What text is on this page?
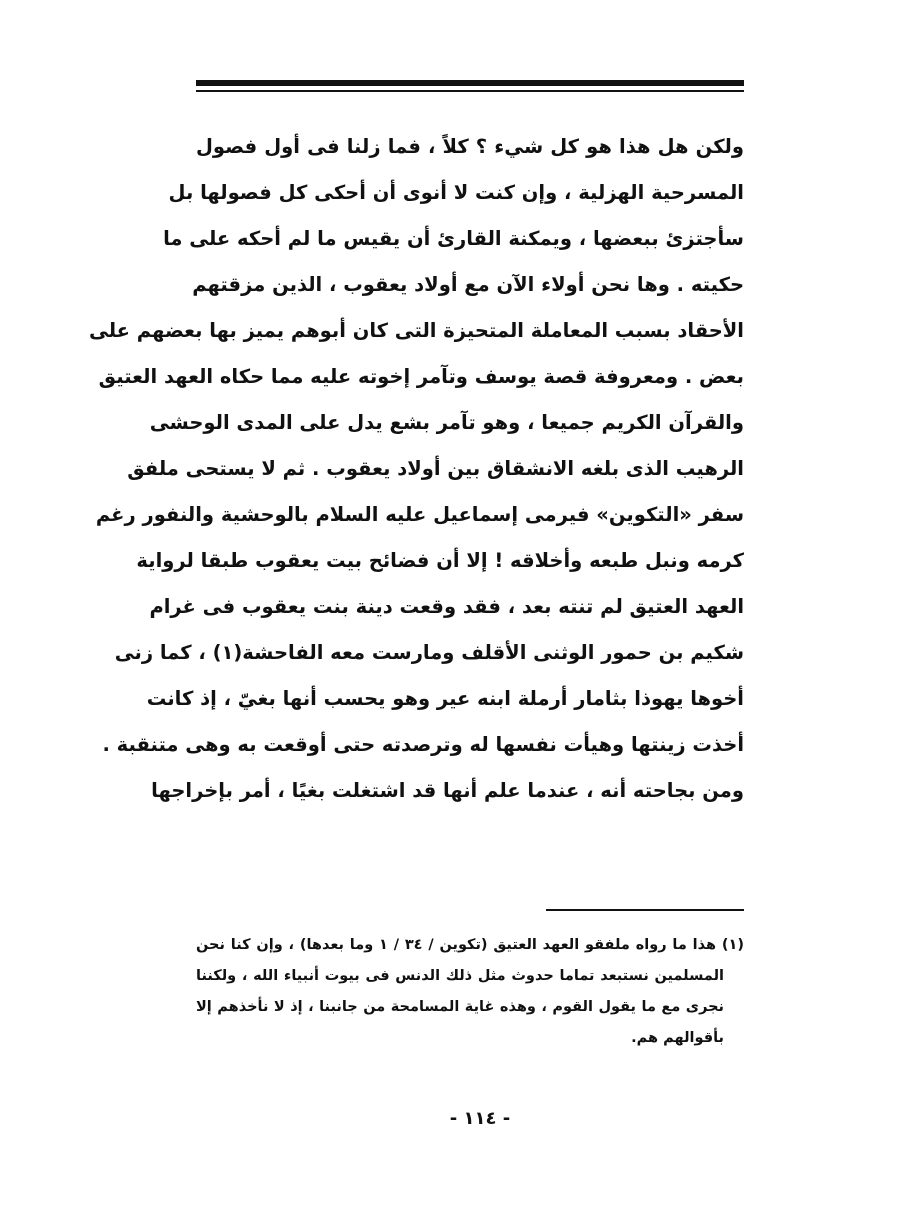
ولكن هل هذا هو كل شيء ؟ كلاً ، فما زلنا فى أول فصول
المسرحية الهزلية ، وإن كنت لا أنوى أن أحكى كل فصولها بل
سأجتزئ ببعضها ، ويمكنة القارئ أن يقيس ما لم أحكه على ما
حكيته . وها نحن أولاء الآن مع أولاد يعقوب ، الذين مزقتهم
الأحقاد بسبب المعاملة المتحيزة التى كان أبوهم يميز بها بعضهم على
بعض . ومعروفة قصة يوسف وتآمر إخوته عليه مما حكاه العهد العتيق
والقرآن الكريم جميعا ، وهو تآمر بشع يدل على المدى الوحشى
الرهيب الذى بلغه الانشقاق بين أولاد يعقوب . ثم لا يستحى ملفق
سفر «التكوين» فيرمى إسماعيل عليه السلام بالوحشية والنفور رغم
كرمه ونبل طبعه وأخلاقه ! إلا أن فضائح بيت يعقوب طبقا لرواية
العهد العتيق لم تنته بعد ، فقد وقعت دينة بنت يعقوب فى غرام
شكيم بن حمور الوثنى الأقلف ومارست معه الفاحشة(١) ، كما زنى
أخوها يهوذا بثامار أرملة ابنه عير وهو يحسب أنها بغيّ ، إذ كانت
أخذت زينتها وهيأت نفسها له وترصدته حتى أوقعت به وهى متنقبة .
ومن بجاحته أنه ، عندما علم أنها قد اشتغلت بغيًا ، أمر بإخراجها
(١) هذا ما رواه ملفقو العهد العتيق (تكوين / ٣٤ / ١ وما بعدها) ، وإن كنا نحن
المسلمين نستبعد تماما حدوث مثل ذلك الدنس فى بيوت أنبياء الله ، ولكننا
نجرى مع ما يقول القوم ، وهذه غاية المسامحة من جانبنا ، إذ لا نأخذهم إلا
بأقوالهم هم.
- ١١٤ -
